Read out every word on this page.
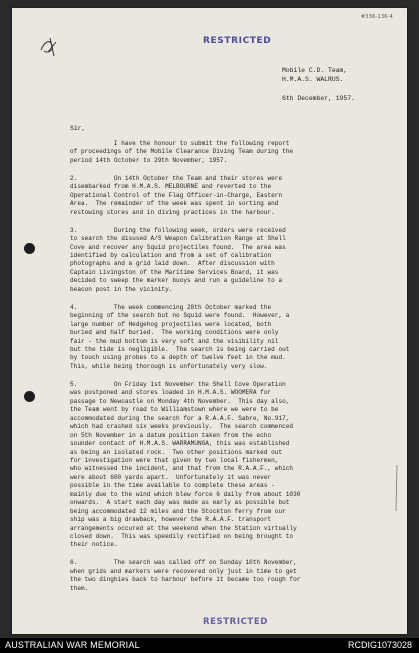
#336-136-4
RESTRICTED
Mobile C.D. Team,
H.M.A.S. WALRUS.
6th December, 1957.
Sir,
I have the honour to submit the following report
of proceedings of the Mobile Clearance Diving Team during the
period 14th October to 29th November, 1957.
2.          On 14th October the Team and their stores were
disembarked from H.M.A.S. MELBOURNE and reverted to the
Operational Control of the Flag Officer-in-Charge, Eastern
Area.  The remainder of the week was spent in sorting and
restowing stores and in diving practices in the harbour.
3.          During the following week, orders were received
to search the disused A/S Weapon Calibration Range at Shell
Cove and recover any Squid projectiles found.  The area was
identified by calculation and from a set of calibration
photographs and a grid laid down.  After discussion with
Captain Livingston of the Maritime Services Board, it was
decided to sweep the marker buoys and run a guideline to a
beacon post in the vicinity.
4.          The week commencing 28th October marked the
beginning of the search but no Squid were found.  However, a
large number of Hedgehog projectiles were located, both
buried and half buried.  The working conditions were only
fair - the mud bottom is very soft and the visibility nil
but the tide is negligible.  The search is being carried out
by touch using probes to a depth of twelve feet in the mud.
This, while being thorough is unfortunately very slow.
5.          On Friday 1st November the Shell Cove Operation
was postponed and stores loaded in H.M.A.S. WOOMERA for
passage to Newcastle on Monday 4th November.  This day also,
the Team went by road to Williamstown where we were to be
accommodated during the search for a R.A.A.F. Sabre, No.917,
which had crashed six weeks previously.  The search commenced
on 5th November in a datum position taken from the echo
sounder contact of H.M.A.S. WARRAMUNGA, this was established
as being an isolated rock.  Two other positions marked out
for investigation were that given by two local fishermen,
who witnessed the incident, and that from the R.A.A.F., which
were about 600 yards apart.  Unfortunately it was never
possible in the time available to complete these areas -
mainly due to the wind which blew force 6 daily from about 1030
onwards.  A start each day was made as early as possible but
being accommodated 12 miles and the Stockton ferry from our
ship was a big drawback, however the R.A.A.F. transport
arrangements occured at the weekend when the Station virtually
closed down.  This was speedily rectified on being brought to
their notice.
6.          The search was called off on Sunday 10th November,
when grids and markers were recovered only just in time to get
the two dinghies back to harbour before it became too rough for
them.
RESTRICTED
AUSTRALIAN WAR MEMORIAL	RCDIG1073028
